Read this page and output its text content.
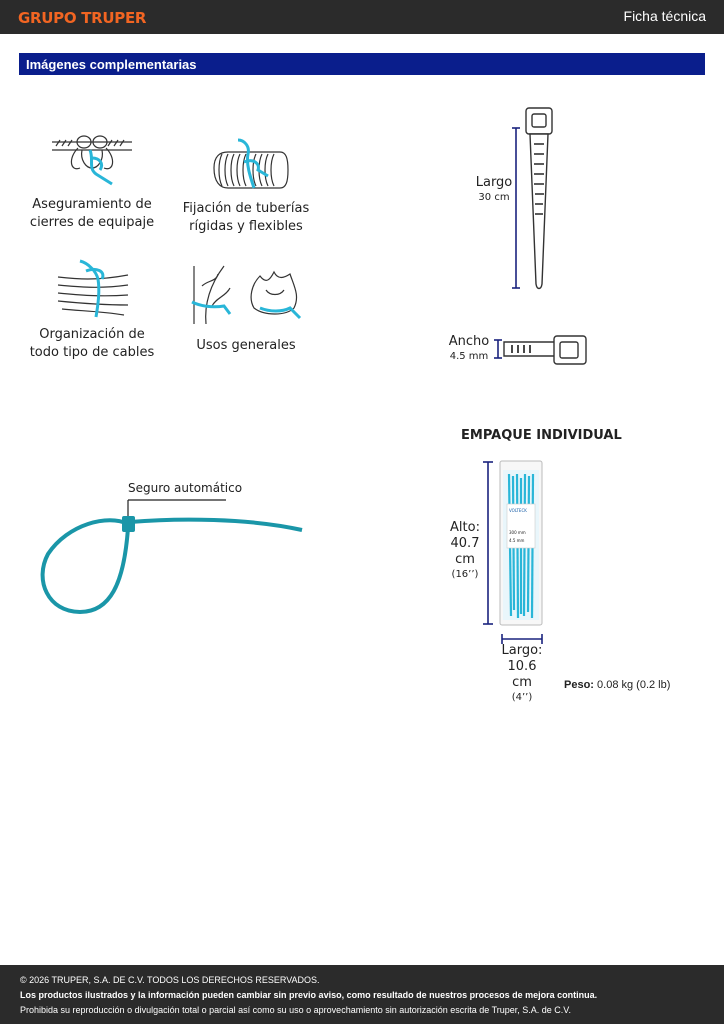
GRUPO TRUPER	Ficha técnica
Imágenes complementarias
Aseguramiento de
cierres de equipaje
Fijación de tuberías
rígidas y flexibles
Organización de
todo tipo de cables	Usos generales
Largo
30 cm
Ancho
4.5 mm
Seguro automático
EMPAQUE INDIVIDUAL
Alto:
40.7 cm
(16’’)
VOLTECK
300 mm
4.5 mm
Largo:
10.6 cm
(4’’)
Peso: 0.08 kg (0.2 lb)
© 2026 TRUPER, S.A. DE C.V. TODOS LOS DERECHOS RESERVADOS.
Los productos ilustrados y la información pueden cambiar sin previo aviso, como resultado de nuestros procesos de mejora continua.
Prohibida su reproducción o divulgación total o parcial así como su uso o aprovechamiento sin autorización escrita de Truper, S.A. de C.V.
